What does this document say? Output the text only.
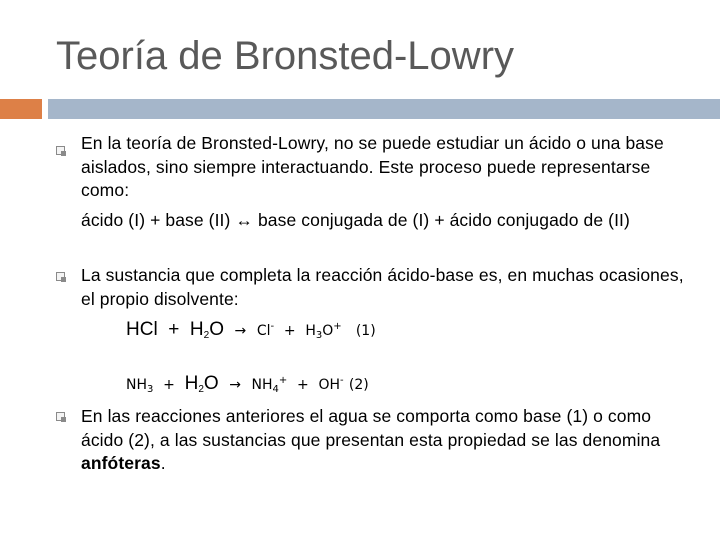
Teoría de Bronsted-Lowry
En la teoría de Bronsted-Lowry, no se puede estudiar un ácido o una base aislados, sino siempre interactuando. Este proceso puede representarse como:
ácido (I) + base (II) ↔ base conjugada de (I) + ácido conjugado de (II)
La sustancia que completa la reacción ácido-base es, en muchas ocasiones, el propio disolvente:
HCl + $H_2O \to Cl^- + H_3O^+$ (1)
$NH_3 + H_2O \to NH_4^+ + OH^-$ (2)
En las reacciones anteriores el agua se comporta como base (1) o como ácido (2), a las sustancias que presentan esta propiedad se las denomina anfóteras.
